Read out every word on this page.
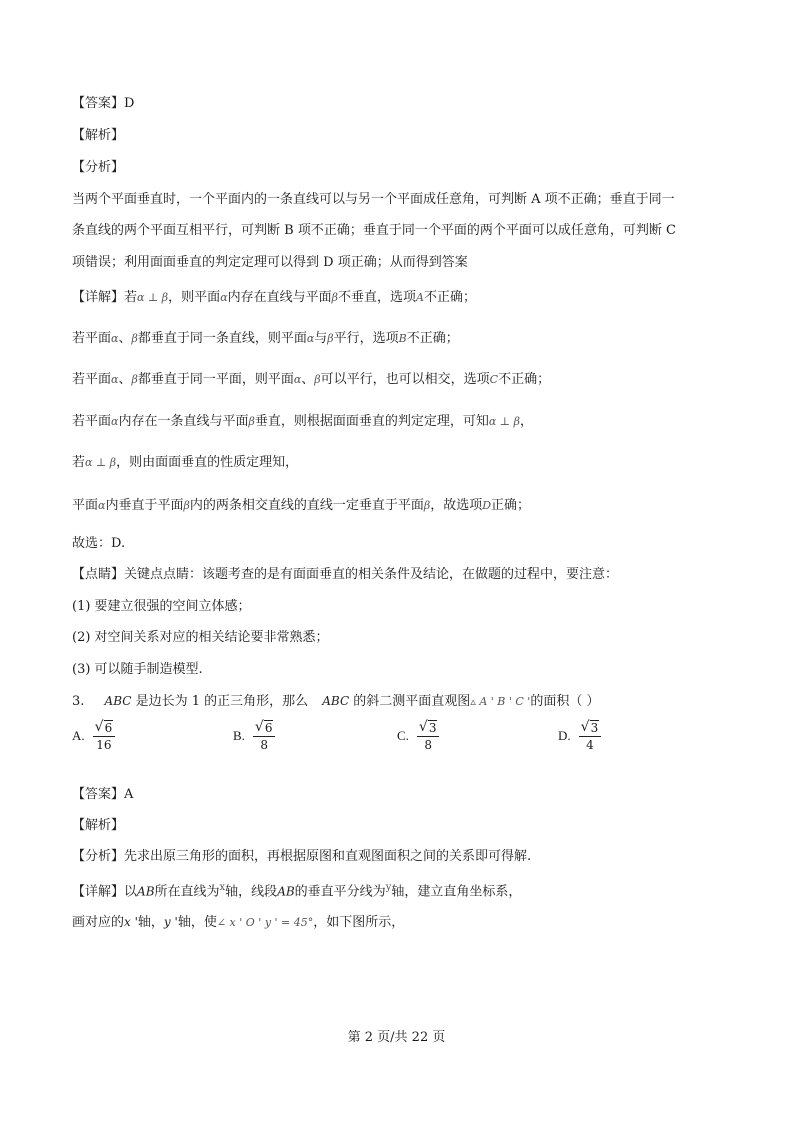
【答案】D
【解析】
【分析】
当两个平面垂直时，一个平面内的一条直线可以与另一个平面成任意角，可判断 A 项不正确；垂直于同一
条直线的两个平面互相平行，可判断 B 项不正确；垂直于同一个平面的两个平面可以成任意角，可判断 C
项错误；利用面面垂直的判定定理可以得到 D 项正确；从而得到答案
【详解】若α ⊥ β，则平面α内存在直线与平面β不垂直，选项A不正确；
若平面α、β都垂直于同一条直线，则平面α与β平行，选项B不正确；
若平面α、β都垂直于同一平面，则平面α、β可以平行，也可以相交，选项C不正确；
若平面α内存在一条直线与平面β垂直，则根据面面垂直的判定定理，可知α ⊥ β，
若α ⊥ β，则由面面垂直的性质定理知，
平面α内垂直于平面β内的两条相交直线的直线一定垂直于平面β，故选项D正确；
故选：D.
【点睛】关键点点睛：该题考查的是有面面垂直的相关条件及结论，在做题的过程中，要注意：
(1) 要建立很强的空间立体感；
(2) 对空间关系对应的相关结论要非常熟悉；
(3) 可以随手制造模型.
3. ABC 是边长为 1 的正三角形，那么 ABC 的斜二测平面直观图▵ A ' B ' C '的面积（ ）
A. $\frac{√ 6}{16}$	B. $\frac{√ 6}{8}$	C. $\frac{√ 3}{8}$	D. $\frac{√ 3}{4}$
【答案】A
【解析】
【分析】先求出原三角形的面积，再根据原图和直观图面积之间的关系即可得解.
【详解】以AB所在直线为$^x$轴，线段AB的垂直平分线为$^y$轴，建立直角坐标系，
画对应的x '轴，y '轴，使∠ x ' O ' y ' = 45°，如下图所示，
第 2 页/共 22 页
